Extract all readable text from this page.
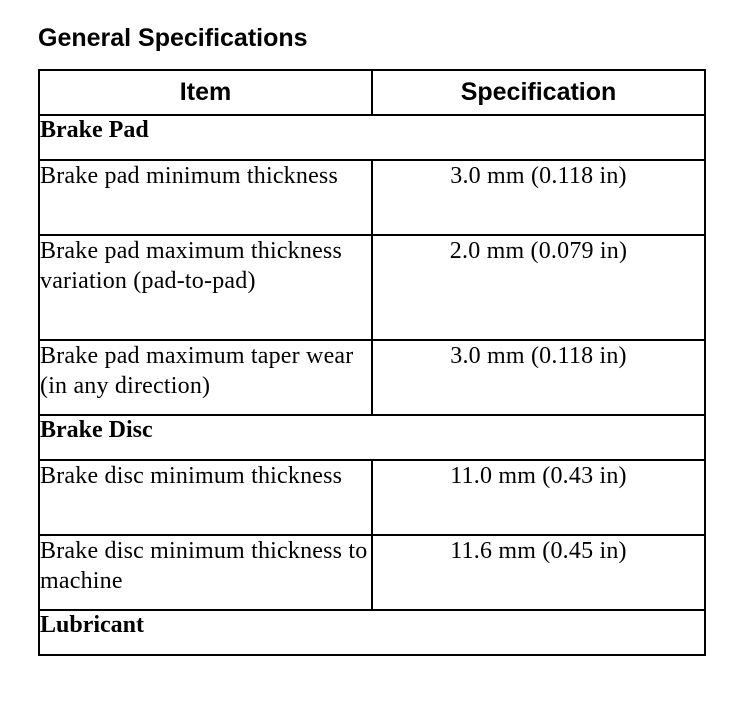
General Specifications
Item	Specification
Brake Pad	
Brake pad minimum thickness	3.0 mm (0.118 in)
Brake pad maximum thickness variation (pad-to-pad)	2.0 mm (0.079 in)
Brake pad maximum taper wear (in any direction)	3.0 mm (0.118 in)
Brake Disc	
Brake disc minimum thickness	11.0 mm (0.43 in)
Brake disc minimum thickness to machine	11.6 mm (0.45 in)
Lubricant	
